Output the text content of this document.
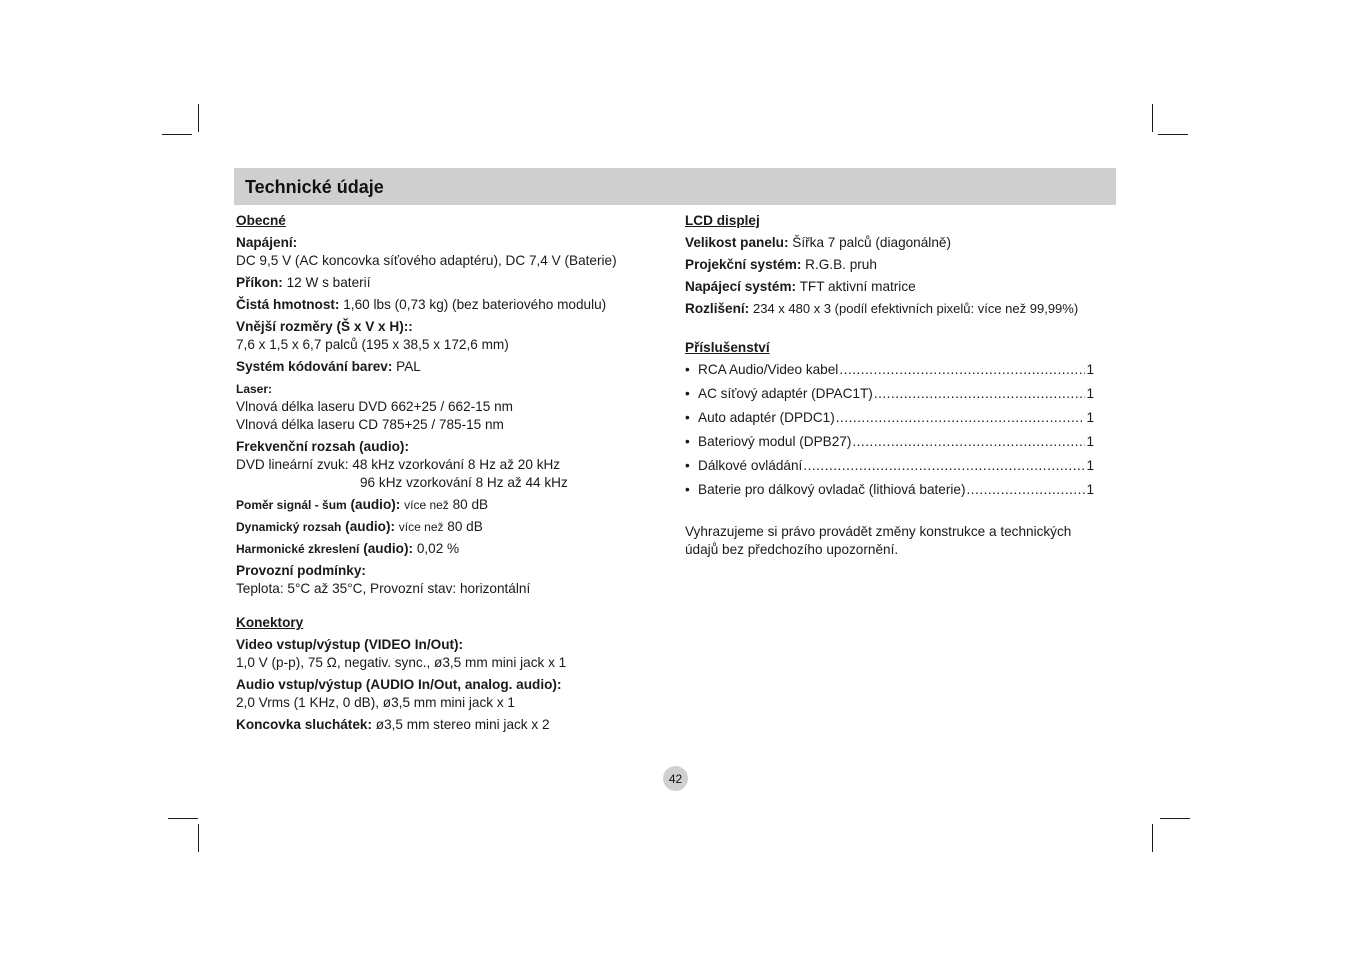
Technické údaje
Obecné
Napájení:
DC 9,5 V (AC koncovka síťového adaptéru), DC 7,4 V (Baterie)
Příkon: 12 W s baterií
Čistá hmotnost: 1,60 lbs (0,73 kg) (bez bateriového modulu)
Vnější rozměry (Š x V x H)::
7,6 x 1,5 x 6,7 palců (195 x 38,5 x 172,6 mm)
Systém kódování barev: PAL
Laser:
Vlnová délka laseru DVD 662+25 / 662-15 nm
Vlnová délka laseru CD 785+25 / 785-15 nm
Frekvenční rozsah (audio):
DVD lineární zvuk: 48 kHz vzorkování 8 Hz až 20 kHz
96 kHz vzorkování 8 Hz až 44 kHz
Poměr signál - šum (audio): více než 80 dB
Dynamický rozsah (audio): více než 80 dB
Harmonické zkreslení (audio): 0,02 %
Provozní podmínky:
Teplota: 5°C až 35°C, Provozní stav: horizontální
Konektory
Video vstup/výstup (VIDEO In/Out):
1,0 V (p-p), 75 Ω, negativ. sync., ø3,5 mm mini jack x 1
Audio vstup/výstup (AUDIO In/Out, analog. audio):
2,0 Vrms (1 KHz, 0 dB), ø3,5 mm mini jack x 1
Koncovka sluchátek: ø3,5 mm stereo mini jack x 2
LCD displej
Velikost panelu: Šířka 7 palců (diagonálně)
Projekční systém: R.G.B. pruh
Napájecí systém: TFT aktivní matrice
Rozlišení: 234 x 480 x 3 (podíl efektivních pixelů: více než 99,99%)
Příslušenství
• RCA Audio/Video kabel .....	1
• AC síťový adaptér (DPAC1T) .....	1
• Auto adaptér (DPDC1) .....	1
• Bateriový modul (DPB27) .....	1
• Dálkové ovládání .....	1
• Baterie pro dálkový ovladač (lithiová baterie) .....	1
Vyhrazujeme si právo provádět změny konstrukce a technických údajů bez předchozího upozornění.
42
